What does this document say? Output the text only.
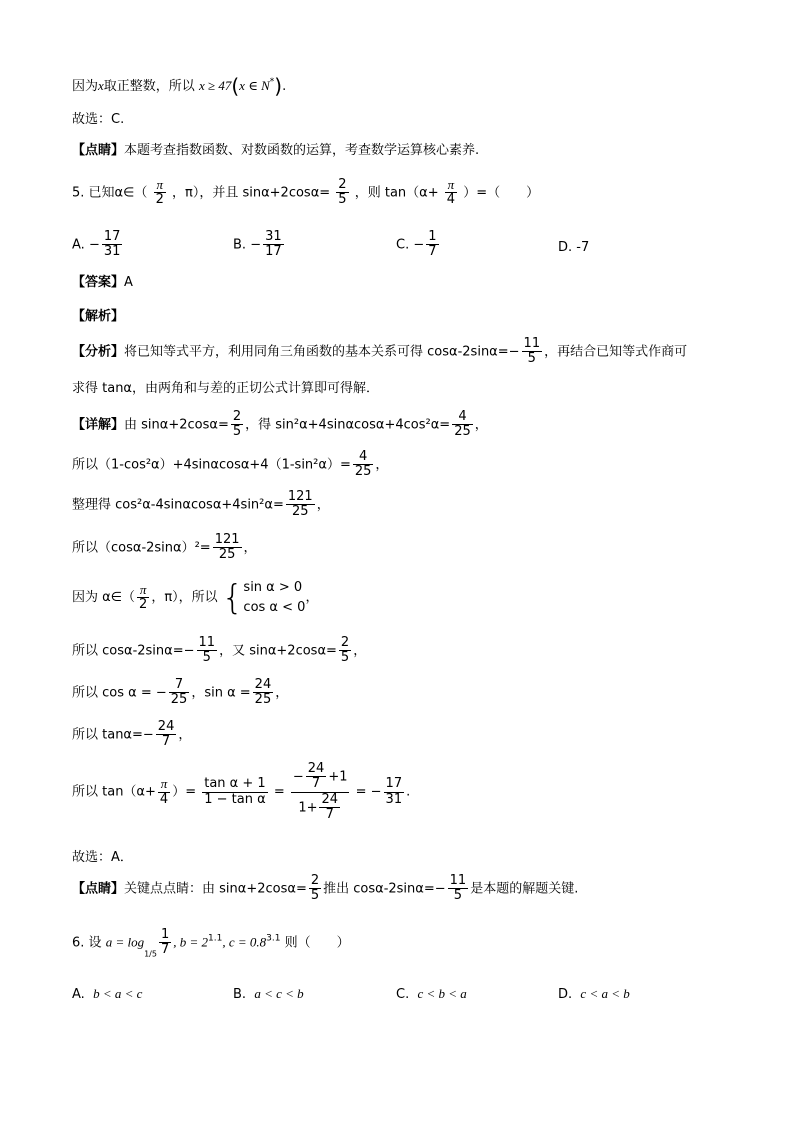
因为x取正整数，所以 x ≥ 47(x ∈ N*).
故选：C.
【点睛】本题考查指数函数、对数函数的运算，考查数学运算核心素养.
5. 已知α∈（ $\frac{\pi}{2}$ ，π），并且 $\sin\alpha+2\cos\alpha= \frac{2}{5}$ ，则 $\tan(\alpha+ \frac{\pi}{4}$ ）=（　　）
A. − $\frac{17}{31}$	B. − $\frac{31}{17}$	C. − $\frac{1}{7}$	D. -7
【答案】A
【解析】
【分析】将已知等式平方，利用同角三角函数的基本关系可得 $\cos\alpha-2\sin\alpha=- \frac{11}{5}$ ，再结合已知等式作商可
求得 tanα，由两角和与差的正切公式计算即可得解．
【详解】由 $\sin\alpha+2\cos\alpha= \frac{2}{5}$ ，得 $\sin^2\alpha+4\sin\alpha\cos\alpha+4\cos^2\alpha= \frac{4}{25}$ ，
所以$(1-\cos^2\alpha)+4\sin\alpha\cos\alpha+4(1-\sin^2\alpha)= \frac{4}{25}$ ，
整理得 $\cos^2\alpha-4\sin\alpha\cos\alpha+4\sin^2\alpha= \frac{121}{25}$ ，
所以$(\cos\alpha-2\sin\alpha)^2= \frac{121}{25}$ ，
因为 α∈（ $\frac{\pi}{2}$ ，π），所以 { sin α > 0
cos α < 0
，
所以 $\cos\alpha-2\sin\alpha=- \frac{11}{5}$ ，又 $\sin\alpha+2\cos\alpha= \frac{2}{5}$ ，
所以 cos α = − $\frac{7}{25}$ ，$\sin \alpha = \frac{24}{25}$ ，
所以 $\tan\alpha=- \frac{24}{7}$ ，
所以 $\tan(\alpha+ \frac{\pi}{4}$ ）= $\frac{\text{tan α + 1}}{\text{1 − tan α}} = \frac{- \frac{24}{7} +1}{1+ \frac{24}{7}}$ = − $\frac{17}{31}$ .
故选：A．
【点睛】关键点点睛：由 $\sin\alpha+2\cos\alpha= \frac{2}{5}$ 推出 $\cos\alpha-2\sin\alpha=- \frac{11}{5}$ 是本题的解题关键.
6. 设 $a = \log_{1/5} \frac{1}{7}$ , $b = 2^{1.1}$, $c = 0.8^{3.1}$ 则（　　）
A. b < a < c	B. a < c < b	C. c < b < a	D. c < a < b
